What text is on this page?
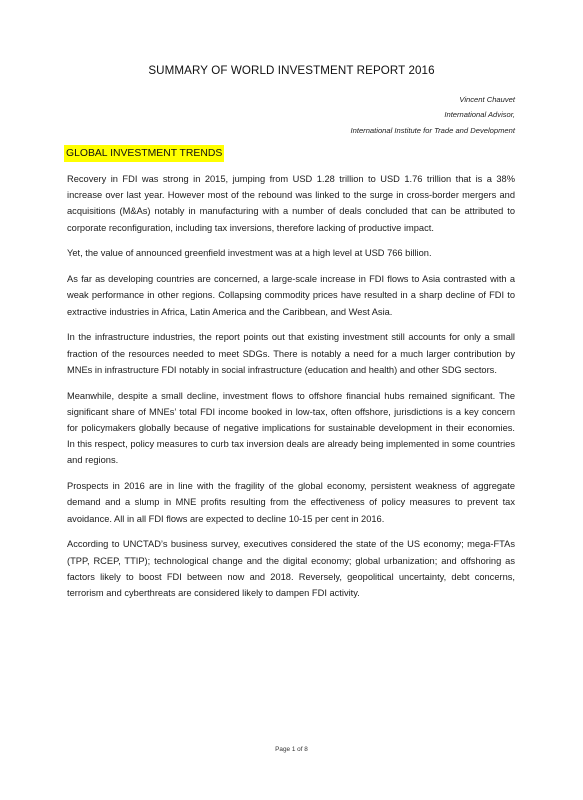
SUMMARY OF WORLD INVESTMENT REPORT 2016
Vincent Chauvet
International Advisor,
International Institute for Trade and Development
GLOBAL INVESTMENT TRENDS

Recovery in FDI was strong in 2015, jumping from USD 1.28 trillion to USD 1.76 trillion that is a 38% increase over last year. However most of the rebound was linked to the surge in cross-border mergers and acquisitions (M&As) notably in manufacturing with a number of deals concluded that can be attributed to corporate reconfiguration, including tax inversions, therefore lacking of productive impact.

Yet, the value of announced greenfield investment was at a high level at USD 766 billion.

As far as developing countries are concerned, a large-scale increase in FDI flows to Asia contrasted with a weak performance in other regions. Collapsing commodity prices have resulted in a sharp decline of FDI to extractive industries in Africa, Latin America and the Caribbean, and West Asia.

In the infrastructure industries, the report points out that existing investment still accounts for only a small fraction of the resources needed to meet SDGs. There is notably a need for a much larger contribution by MNEs in infrastructure FDI notably in social infrastructure (education and health) and other SDG sectors.

Meanwhile, despite a small decline, investment flows to offshore financial hubs remained significant. The significant share of MNEs’ total FDI income booked in low-tax, often offshore, jurisdictions is a key concern for policymakers globally because of negative implications for sustainable development in their economies. In this respect, policy measures to curb tax inversion deals are already being implemented in some countries and regions.

Prospects in 2016 are in line with the fragility of the global economy, persistent weakness of aggregate demand and a slump in MNE profits resulting from the effectiveness of policy measures to prevent tax avoidance. All in all FDI flows are expected to decline 10-15 per cent in 2016.

According to UNCTAD’s business survey, executives considered the state of the US economy; mega-FTAs (TPP, RCEP, TTIP); technological change and the digital economy; global urbanization; and offshoring as factors likely to boost FDI between now and 2018. Reversely, geopolitical uncertainty, debt concerns, terrorism and cyberthreats are considered likely to dampen FDI activity.

Page 1 of 8
